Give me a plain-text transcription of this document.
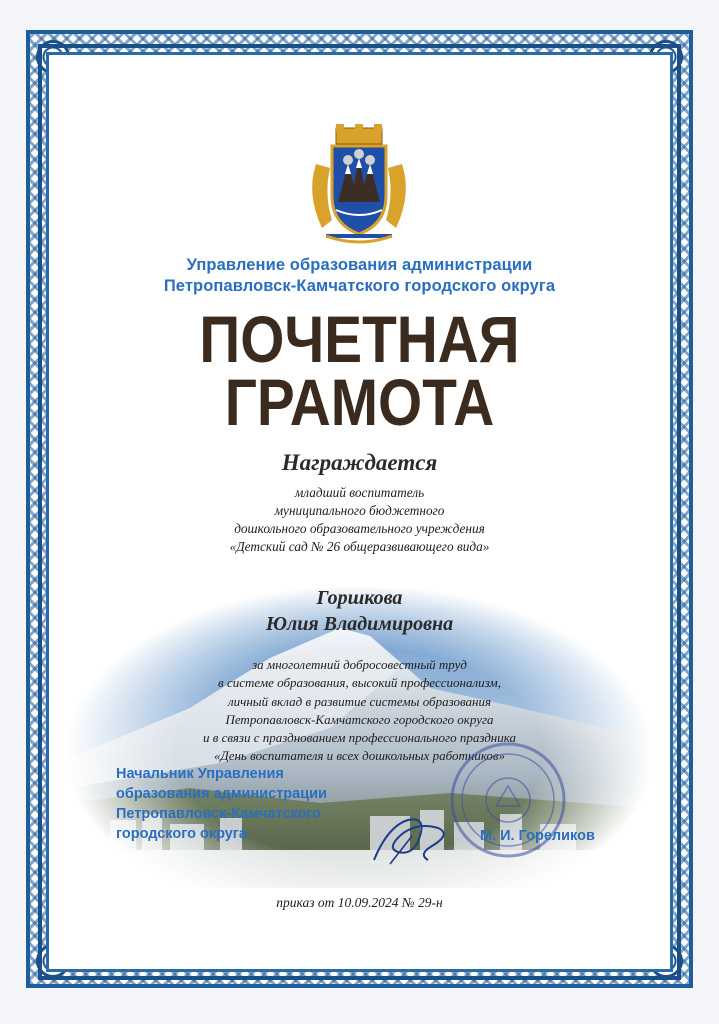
Управление образования администрации
Петропавловск-Камчатского городского округа
ПОЧЕТНАЯ
ГРАМОТА
Награждается
младший воспитатель
муниципального бюджетного
дошкольного образовательного учреждения
«Детский сад № 26 общеразвивающего вида»
Горшкова
Юлия Владимировна
за многолетний добросовестный труд
в системе образования, высокий профессионализм,
личный вклад в развитие системы образования
Петропавловск-Камчатского городского округа
и в связи с празднованием профессионального праздника
«День воспитателя и всех дошкольных работников»
Начальник Управления
образования администрации
Петропавловск-Камчатского
городского округа	М. И. Гореликов
приказ от 10.09.2024 № 29-н
